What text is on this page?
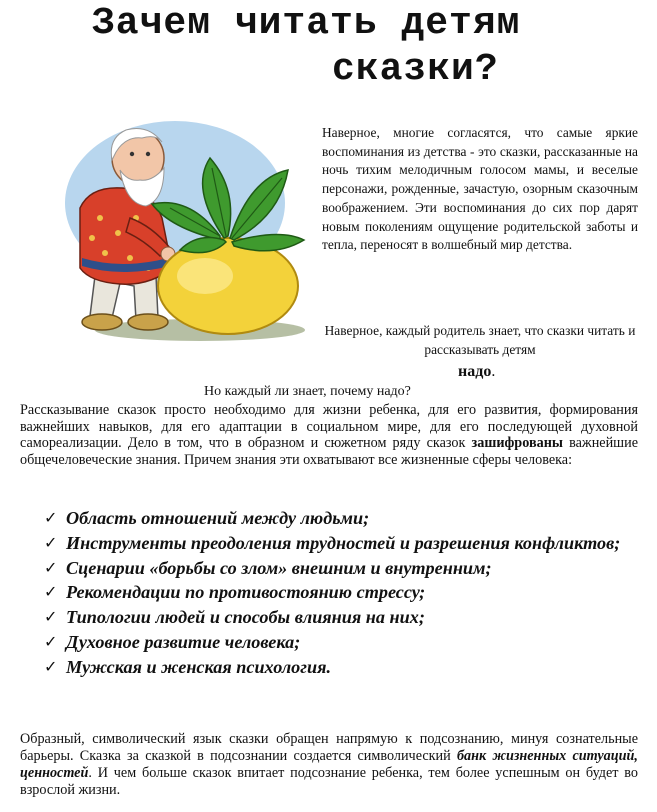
Зачем читать детям
сказки?

Наверное, многие согласятся, что самые яркие воспоминания из детства - это сказки, рассказанные на ночь тихим мелодичным голосом мамы, и веселые персонажи, рожденные, зачастую, озорным сказочным воображением. Эти воспоминания до сих пор дарят новым поколениям ощущение родительской заботы и тепла, переносят в волшебный мир детства.

Наверное, каждый родитель знает, что сказки читать и рассказывать детям

надо.

Но каждый ли знает, почему надо?

Рассказывание сказок просто необходимо для жизни ребенка, для его развития, формирования важнейших навыков, для его адаптации в социальном мире, для его последующей духовной самореализации. Дело в том, что в образном и сюжетном ряду сказок зашифрованы важнейшие общечеловеческие знания. Причем знания эти охватывают все жизненные сферы человека:

✓ Область отношений между людьми;
✓ Инструменты преодоления трудностей и разрешения конфликтов;
✓ Сценарии «борьбы со злом» внешним и внутренним;
✓ Рекомендации по противостоянию стрессу;
✓ Типологии людей и способы влияния на них;
✓ Духовное развитие человека;
✓ Мужская и женская психология.

Образный, символический язык сказки обращен напрямую к подсознанию, минуя сознательные барьеры. Сказка за сказкой в подсознании создается символический банк жизненных ситуаций, ценностей. И чем больше сказок впитает подсознание ребенка, тем более успешным он будет во взрослой жизни.
